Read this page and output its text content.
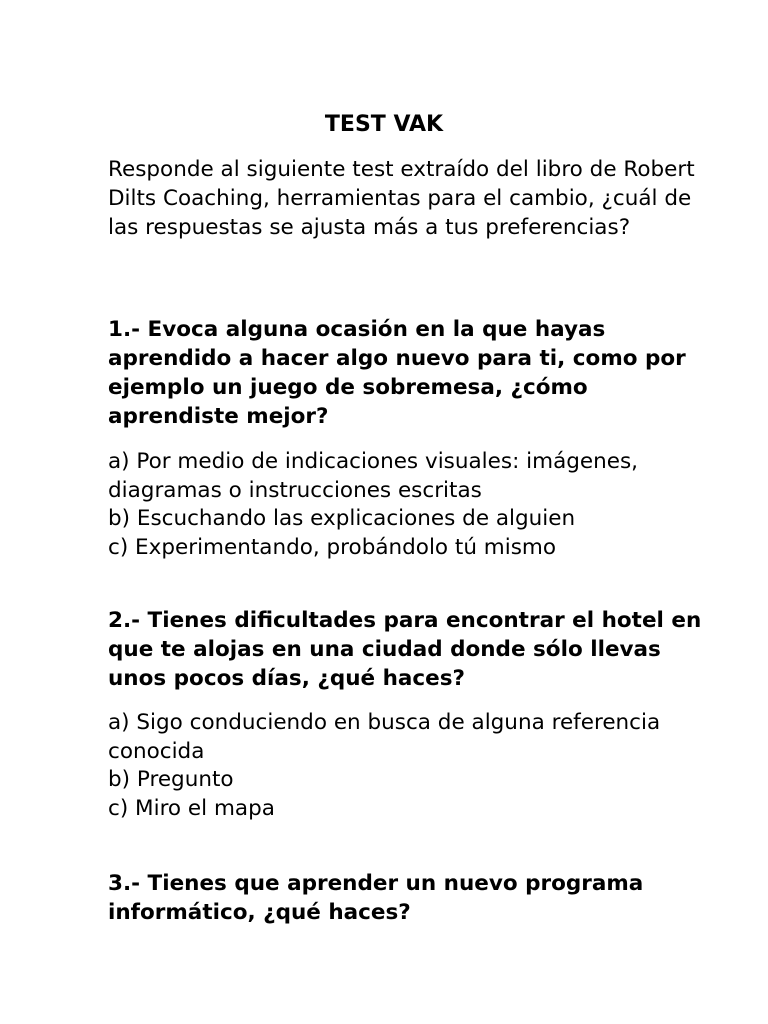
TEST VAK

Responde al siguiente test extraído del libro de Robert Dilts Coaching, herramientas para el cambio, ¿cuál de las respuestas se ajusta más a tus preferencias?

1.- Evoca alguna ocasión en la que hayas aprendido a hacer algo nuevo para ti, como por ejemplo un juego de sobremesa, ¿cómo aprendiste mejor?

a) Por medio de indicaciones visuales: imágenes, diagramas o instrucciones escritas
b) Escuchando las explicaciones de alguien
c) Experimentando, probándolo tú mismo

2.- Tienes dificultades para encontrar el hotel en que te alojas en una ciudad donde sólo llevas unos pocos días, ¿qué haces?

a) Sigo conduciendo en busca de alguna referencia conocida
b) Pregunto
c) Miro el mapa

3.- Tienes que aprender un nuevo programa informático, ¿qué haces?
